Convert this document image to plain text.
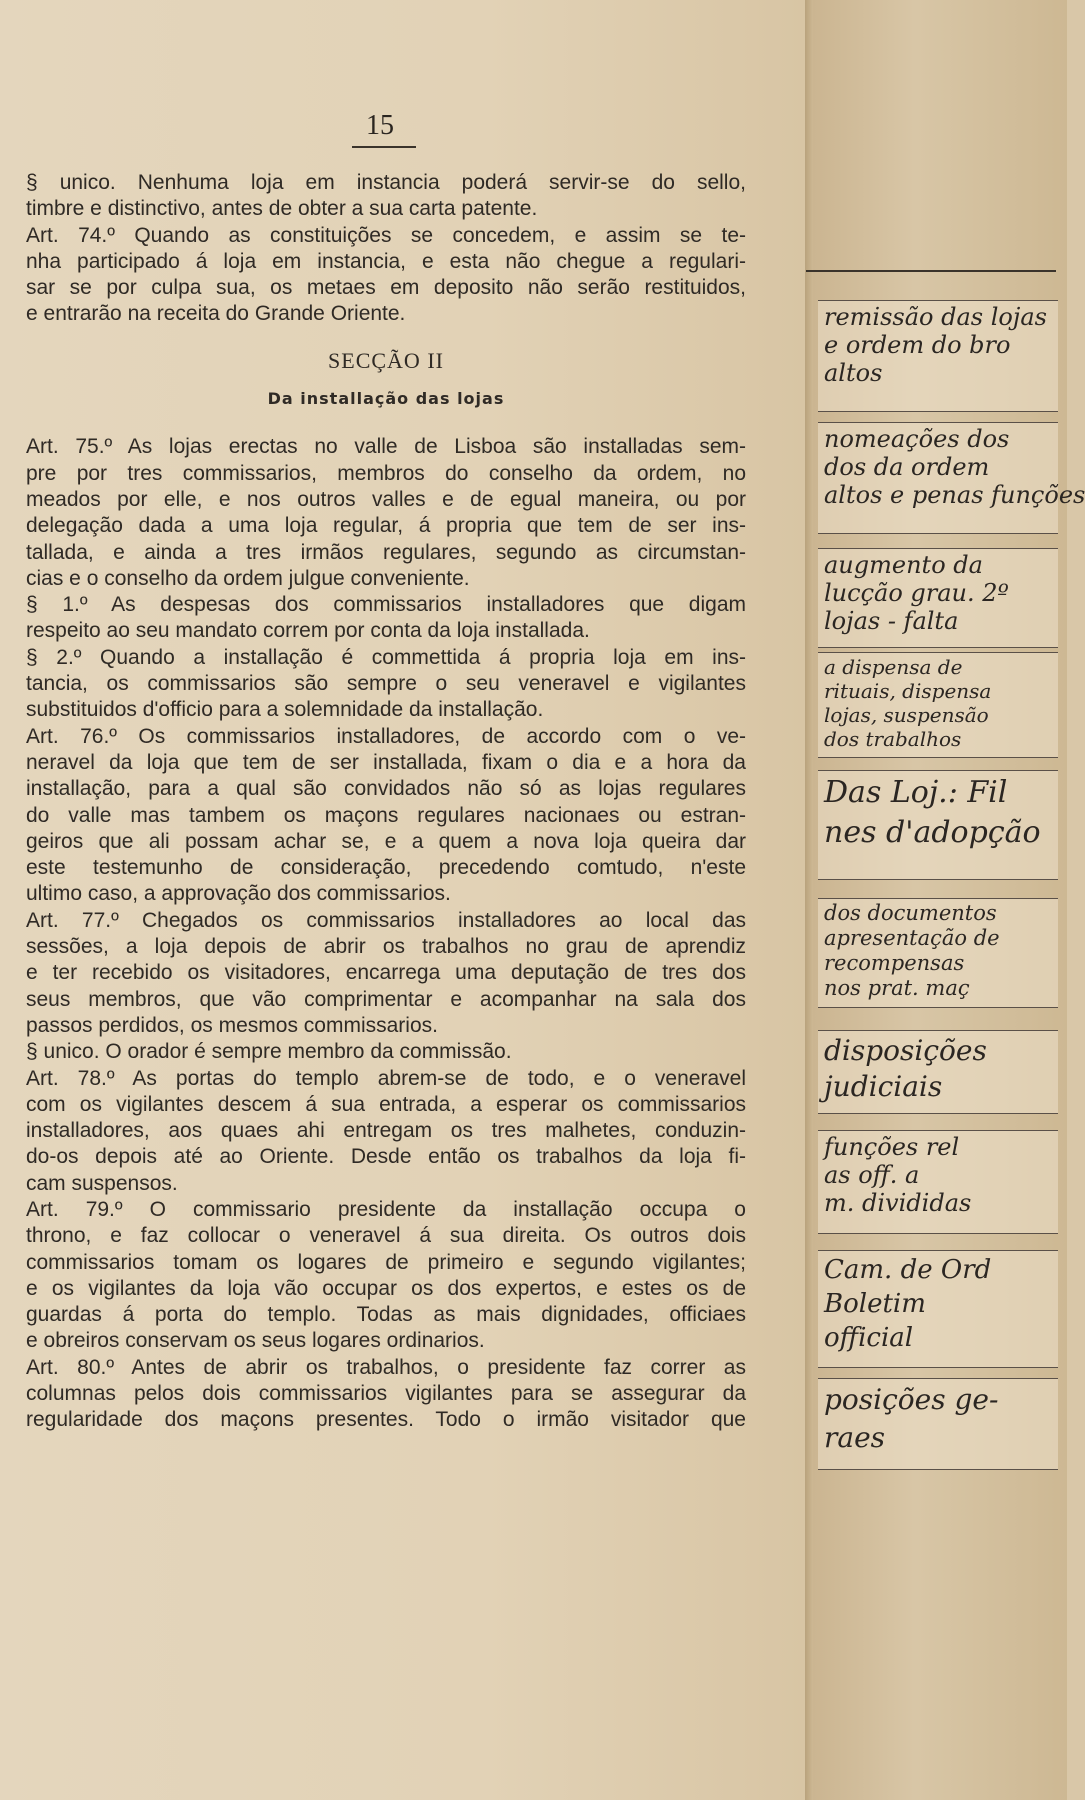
15

§ unico. Nenhuma loja em instancia poderá servir-se do sello,
timbre e distinctivo, antes de obter a sua carta patente.

Art. 74.º Quando as constituições se concedem, e assim se te-
nha participado á loja em instancia, e esta não chegue a regulari-
sar se por culpa sua, os metaes em deposito não serão restituidos,
e entrarão na receita do Grande Oriente.

SECÇÃO II
Da installação das lojas

Art. 75.º As lojas erectas no valle de Lisboa são installadas sem-
pre por tres commissarios, membros do conselho da ordem, no
meados por elle, e nos outros valles e de egual maneira, ou por
delegação dada a uma loja regular, á propria que tem de ser ins-
tallada, e ainda a tres irmãos regulares, segundo as circumstan-
cias e o conselho da ordem julgue conveniente.

§ 1.º As despesas dos commissarios installadores que digam
respeito ao seu mandato correm por conta da loja installada.

§ 2.º Quando a installação é commettida á propria loja em ins-
tancia, os commissarios são sempre o seu veneravel e vigilantes
substituidos d'officio para a solemnidade da installação.

Art. 76.º Os commissarios installadores, de accordo com o ve-
neravel da loja que tem de ser installada, fixam o dia e a hora da
installação, para a qual são convidados não só as lojas regulares
do valle mas tambem os maçons regulares nacionaes ou estran-
geiros que ali possam achar se, e a quem a nova loja queira dar
este testemunho de consideração, precedendo comtudo, n'este
ultimo caso, a approvação dos commissarios.

Art. 77.º Chegados os commissarios installadores ao local das
sessões, a loja depois de abrir os trabalhos no grau de aprendiz
e ter recebido os visitadores, encarrega uma deputação de tres dos
seus membros, que vão comprimentar e acompanhar na sala dos
passos perdidos, os mesmos commissarios.

§ unico. O orador é sempre membro da commissão.

Art. 78.º As portas do templo abrem-se de todo, e o veneravel
com os vigilantes descem á sua entrada, a esperar os commissarios
installadores, aos quaes ahi entregam os tres malhetes, conduzin-
do-os depois até ao Oriente. Desde então os trabalhos da loja fi-
cam suspensos.

Art. 79.º O commissario presidente da installação occupa o
throno, e faz collocar o veneravel á sua direita. Os outros dois
commissarios tomam os logares de primeiro e segundo vigilantes;
e os vigilantes da loja vão occupar os dos expertos, e estes os de
guardas á porta do templo. Todas as mais dignidades, officiaes
e obreiros conservam os seus logares ordinarios.

Art. 80.º Antes de abrir os trabalhos, o presidente faz correr as
columnas pelos dois commissarios vigilantes para se assegurar da
regularidade dos maçons presentes. Todo o irmão visitador que

remissão das lojas
e ordem do bro
altos
nomeações dos
dos da ordem
altos e penas funções
augmento da
lucção grau. 2º
lojas - falta
a dispensa de
rituais, dispensa
lojas, suspensão
dos trabalhos
Das Loj.: Fil
nes d'adopção
dos documentos
apresentação de
recompensas
nos prat. maç
disposições
judiciais
funções rel
as off. a
m. divididas
Cam. de Ord
Boletim
official
posições ge-
raes
